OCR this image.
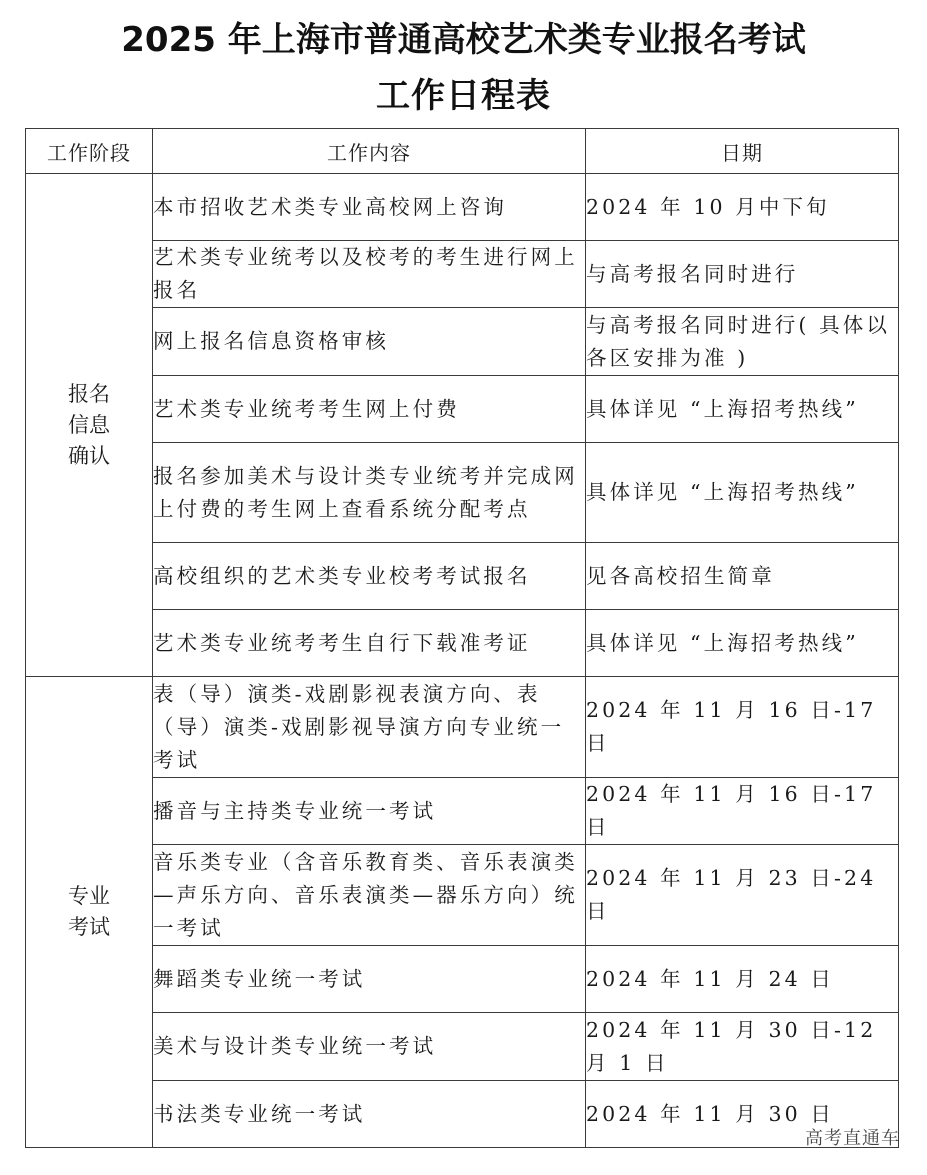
2025 年上海市普通高校艺术类专业报名考试
工作日程表
工作阶段	工作内容	日期

报名
信息
确认	本市招收艺术类专业高校网上咨询	2024 年 10 月中下旬
	艺术类专业统考以及校考的考生进行网上报名	与高考报名同时进行
	网上报名信息资格审核	与高考报名同时进行( 具体以各区安排为准 )
	艺术类专业统考考生网上付费	具体详见 “上海招考热线”
	报名参加美术与设计类专业统考并完成网上付费的考生网上查看系统分配考点	具体详见 “上海招考热线”
	高校组织的艺术类专业校考考试报名	见各高校招生简章
	艺术类专业统考考生自行下载准考证	具体详见 “上海招考热线”

专业
考试	表（导）演类-戏剧影视表演方向、表（导）演类-戏剧影视导演方向专业统一考试	2024 年 11 月 16 日-17 日
	播音与主持类专业统一考试	2024 年 11 月 16 日-17 日
	音乐类专业（含音乐教育类、音乐表演类—声乐方向、音乐表演类—器乐方向）统一考试	2024 年 11 月 23 日-24 日
	舞蹈类专业统一考试	2024 年 11 月 24 日
	美术与设计类专业统一考试	2024 年 11 月 30 日-12 月 1 日
	书法类专业统一考试	2024 年 11 月 30 日
高考直通车
